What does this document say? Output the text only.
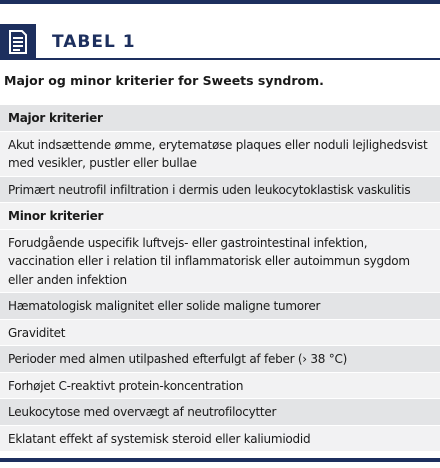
TABEL 1
Major og minor kriterier for Sweets syndrom.
Major kriterier
Akut indsættende ømme, erytematøse plaques eller noduli lejlighedsvist med vesikler, pustler eller bullae
Primært neutrofil infiltration i dermis uden leukocytoklastisk vaskulitis
Minor kriterier
Forudgående uspecifik luftvejs- eller gastrointestinal infektion, vaccination eller i relation til inflammatorisk eller autoimmun sygdom eller anden infektion
Hæmatologisk malignitet eller solide maligne tumorer
Graviditet
Perioder med almen utilpashed efterfulgt af feber (› 38 °C)
Forhøjet C-reaktivt protein-koncentration
Leukocytose med overvægt af neutrofilocytter
Eklatant effekt af systemisk steroid eller kaliumiodid
